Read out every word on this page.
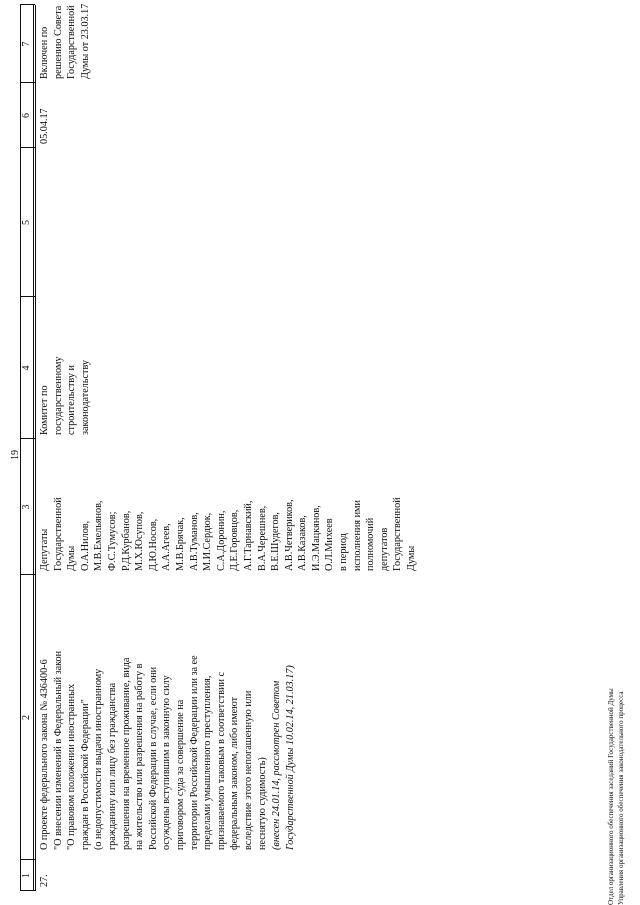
19
1
2
3
4
5
6
7
27.
О проекте федерального закона № 436400-6
"О внесении изменений в Федеральный закон
"О правовом положении иностранных
граждан в Российской Федерации"
(о недопустимости выдачи иностранному
гражданину или лицу без гражданства
разрешения на временное проживание, вида
на жительство или разрешения на работу в
Российской Федерации в случае, если они
осуждены вступившим в законную силу
приговором суда за совершение на
территории Российской Федерации или за ее
пределами умышленного преступления,
признаваемого таковым в соответствии с
федеральным законом, либо имеют
вследствие этого непогашенную или
неснятую судимость)
(внесен 24.01.14, рассмотрен Советом
Государственной Думы 10.02.14, 21.03.17)
Депутаты
Государственной
Думы
О.А.Нилов,
М.В.Емельянов,
Ф.С.Тумусов;
Р.Д.Курбанов,
М.Х.Юсупов,
Д.Ю.Носов,
А.А.Агеев,
М.В.Брячак,
А.В.Туманов,
М.И.Сердюк,
С.А.Доронин,
Д.Е.Горовцов,
А.Г.Тарнавский,
В.А.Черешнев,
В.Е.Шудегов,
А.В.Четвериков,
А.В.Казаков,
И.Э.Мацкянов,
О.Л.Михеев
в период
исполнения ими
полномочий
депутатов
Государственной
Думы
Комитет по
государственному
строительству и
законодательству
05.04.17
Включен по
решению Совета
Государственной
Думы от 23.03.17
Отдел организационного обеспечения заседаний Государственной Думы Управления организационного обеспечения законодательного процесса
